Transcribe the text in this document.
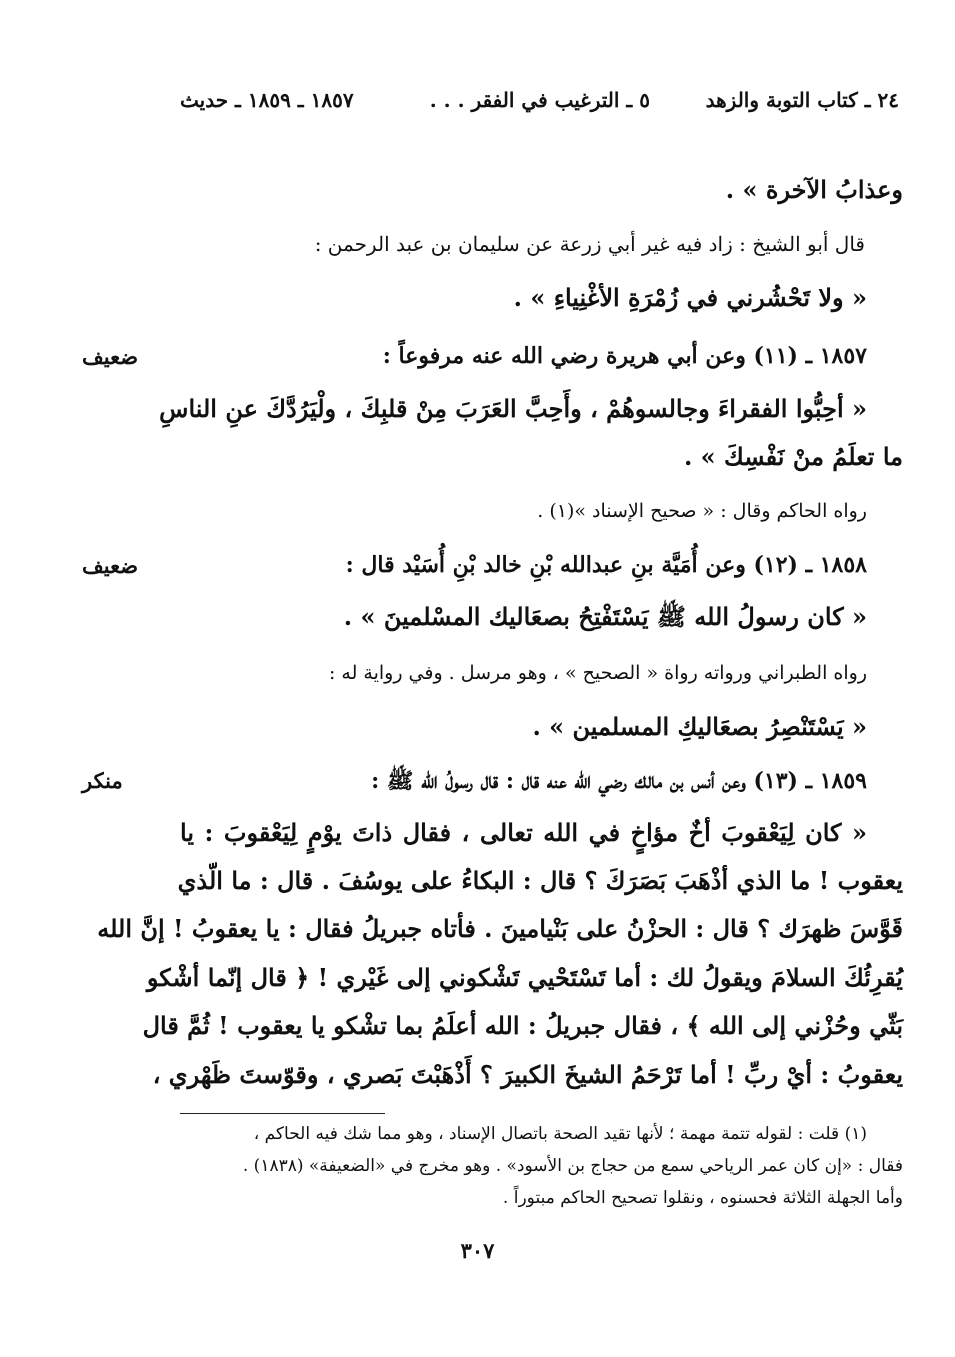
٢٤ ـ كتاب التوبة والزهد
٥ ـ الترغيب في الفقر . . .
١٨٥٧ ـ ١٨٥٩ ـ حديث
وعذابُ الآخرة » .
قال أبو الشيخ : زاد فيه غير أبي زرعة عن سليمان بن عبد الرحمن :
« ولا تَحْشُرني في زُمْرَةِ الأغْنِياءِ » .
ضعيف	١٨٥٧ ـ (١١) وعن أبي هريرة رضي الله عنه مرفوعاً :
« أحِبُّوا الفقراءَ وجالسوهُمْ ، وأَحِبَّ العَرَبَ مِنْ قلبِكَ ، ولْيَرُدَّكَ عنِ الناسِ
ما تعلَمُ منْ نَفْسِكَ » .
رواه الحاكم وقال : « صحيح الإسناد »(١) .
ضعيف	١٨٥٨ ـ (١٢) وعن أُمَيَّة بنِ عبدالله بْنِ خالد بْنِ أُسَيْد قال :
« كان رسولُ الله ﷺ يَسْتَفْتِحُ بصعَاليك المسْلمينَ » .
رواه الطبراني ورواته رواة « الصحيح » ، وهو مرسل . وفي رواية له :
« يَسْتَنْصِرُ بصعَاليكِ المسلمين » .
منكر	١٨٥٩ ـ (١٣) وعن أنس بن مالك رضي الله عنه قال : قال رسولُ الله ﷺ :
« كان لِيَعْقوبَ أخٌ مؤاخٍ في الله تعالى ، فقال ذاتَ يوْمٍ لِيَعْقوبَ : يا
يعقوب ! ما الذي أذْهَبَ بَصَرَكَ ؟ قال : البكاءُ على يوسُفَ . قال : ما الّذي
قَوَّسَ ظهرَك ؟ قال : الحزْنُ على بَنْيامينَ . فأتاه جبريلُ فقال : يا يعقوبُ ! إنَّ الله
يُقرِئُكَ السلامَ ويقولُ لك : أما تَسْتَحْيي تَشْكوني إلى غَيْري ! ﴿ قال إنّما أشْكو
بَثّي وحُزْني إلى الله ﴾ ، فقال جبريلُ : الله أعلَمُ بما تشْكو يا يعقوب ! ثُمَّ قال
يعقوبُ : أيْ ربِّ ! أما تَرْحَمُ الشيخَ الكبيرَ ؟ أَذْهَبْتَ بَصري ، وقوّستَ ظَهْري ،
(١) قلت : لقوله تتمة مهمة ؛ لأنها تقيد الصحة باتصال الإسناد ، وهو مما شك فيه الحاكم ،
فقال : «إن كان عمر الرياحي سمع من حجاج بن الأسود» . وهو مخرج في «الضعيفة» (١٨٣٨) .
وأما الجهلة الثلاثة فحسنوه ، ونقلوا تصحيح الحاكم مبتوراً .
٣٠٧
